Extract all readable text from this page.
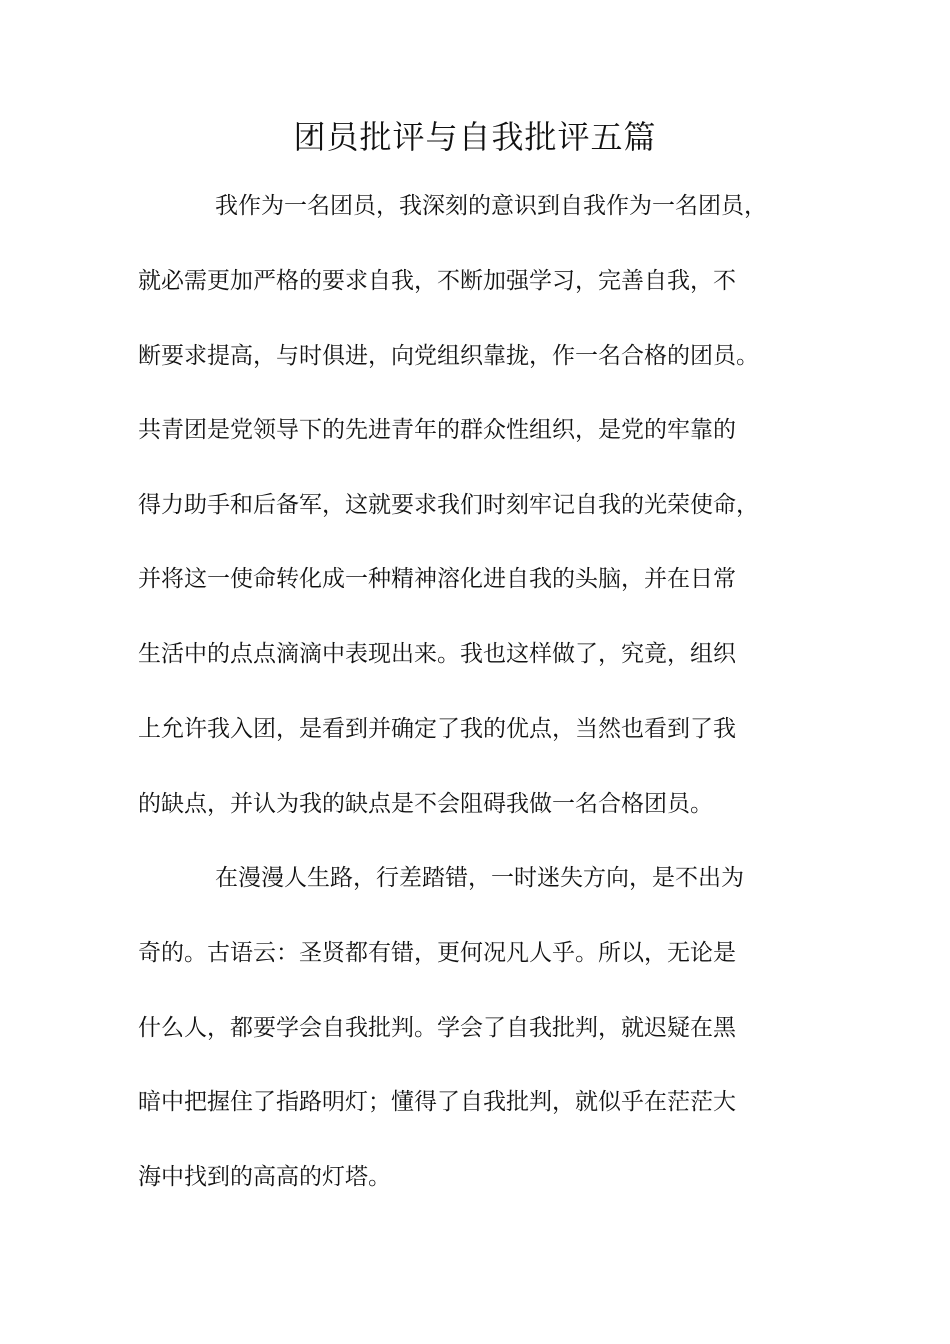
团员批评与自我批评五篇
我作为一名团员，我深刻的意识到自我作为一名团员，
就必需更加严格的要求自我，不断加强学习，完善自我，不
断要求提高，与时俱进，向党组织靠拢，作一名合格的团员。
共青团是党领导下的先进青年的群众性组织，是党的牢靠的
得力助手和后备军，这就要求我们时刻牢记自我的光荣使命，
并将这一使命转化成一种精神溶化进自我的头脑，并在日常
生活中的点点滴滴中表现出来。我也这样做了，究竟，组织
上允许我入团，是看到并确定了我的优点，当然也看到了我
的缺点，并认为我的缺点是不会阻碍我做一名合格团员。
在漫漫人生路，行差踏错，一时迷失方向，是不出为
奇的。古语云：圣贤都有错，更何况凡人乎。所以，无论是
什么人，都要学会自我批判。学会了自我批判，就迟疑在黑
暗中把握住了指路明灯；懂得了自我批判，就似乎在茫茫大
海中找到的高高的灯塔。
